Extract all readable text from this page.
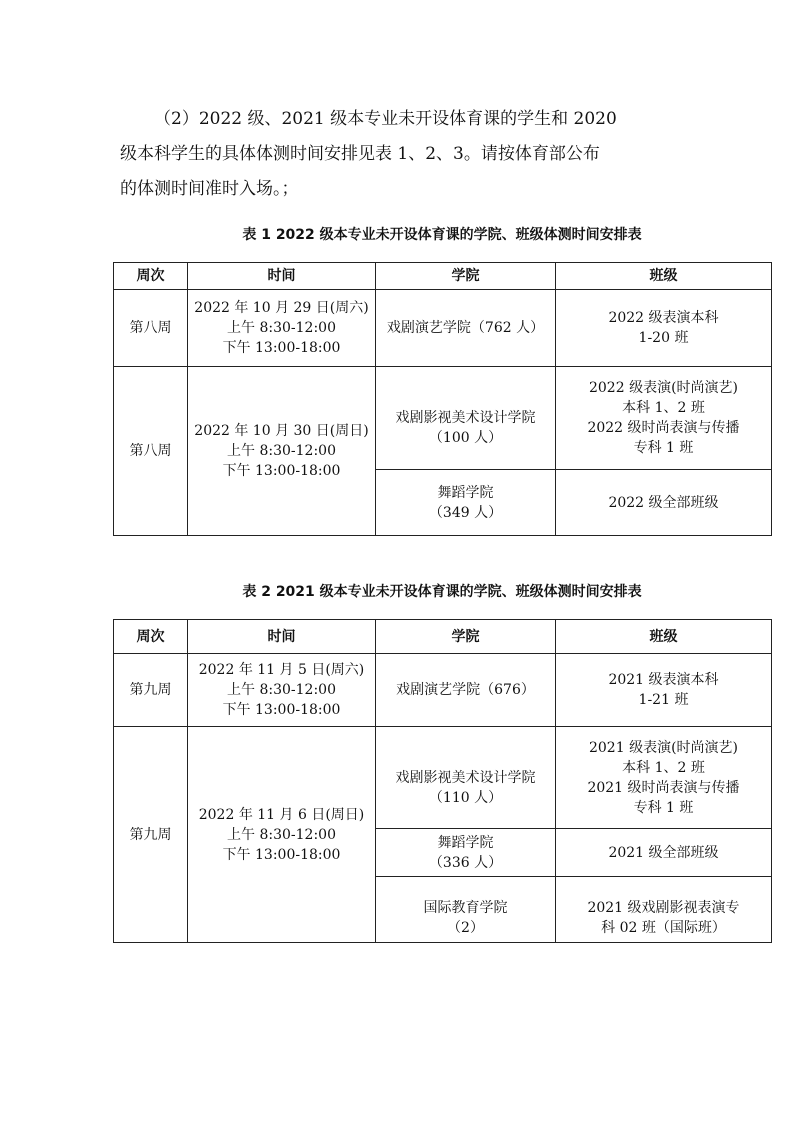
（2）2022 级、2021 级本专业未开设体育课的学生和 2020
级本科学生的具体体测时间安排见表 1、2、3。请按体育部公布
的体测时间准时入场。；

表 1 2022 级本专业未开设体育课的学院、班级体测时间安排表

周次	时间	学院	班级
第八周	2022 年 10 月 29 日(周六)
上午 8:30-12:00
下午 13:00-18:00	戏剧演艺学院（762 人）	2022 级表演本科
1-20 班

第八周	2022 年 10 月 30 日(周日)
上午 8:30-12:00
下午 13:00-18:00	戏剧影视美术设计学院
（100 人）	2022 级表演(时尚演艺)
本科 1、2 班
2022 级时尚表演与传播
专科 1 班

		舞蹈学院
（349 人）	2022 级全部班级

表 2 2021 级本专业未开设体育课的学院、班级体测时间安排表

周次	时间	学院	班级
第九周	2022 年 11 月 5 日(周六)
上午 8:30-12:00
下午 13:00-18:00	戏剧演艺学院（676）	2021 级表演本科
1-21 班

第九周	2022 年 11 月 6 日(周日)
上午 8:30-12:00
下午 13:00-18:00	戏剧影视美术设计学院
（110 人）	2021 级表演(时尚演艺)
本科 1、2 班
2021 级时尚表演与传播
专科 1 班

		舞蹈学院
（336 人）	2021 级全部班级

		国际教育学院
（2）	2021 级戏剧影视表演专
科 02 班（国际班）
